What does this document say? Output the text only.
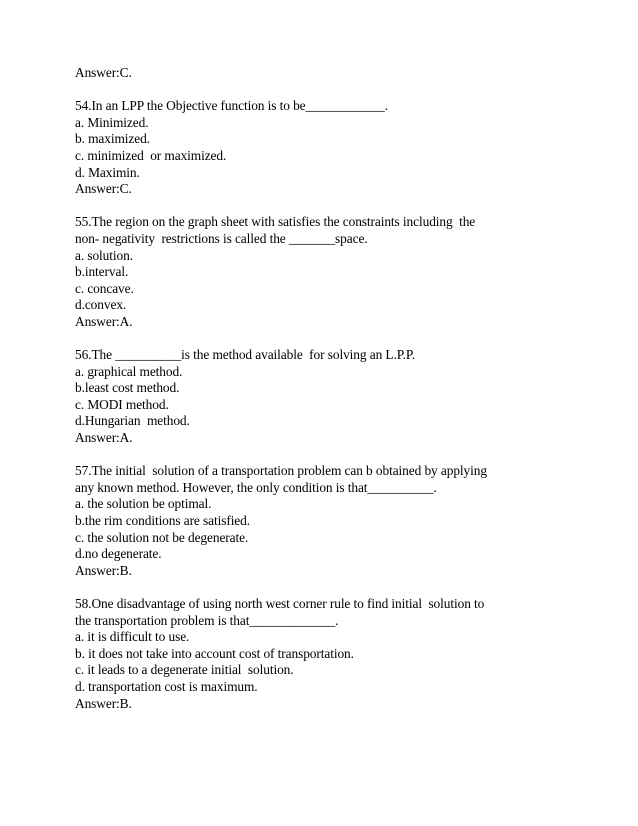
Answer:C.
54.In an LPP the Objective function is to be____________.
a. Minimized.
b. maximized.
c. minimized  or maximized.
d. Maximin.
Answer:C.
55.The region on the graph sheet with satisfies the constraints including  the
non- negativity  restrictions is called the _______space.
a. solution.
b.interval.
c. concave.
d.convex.
Answer:A.
56.The __________is the method available  for solving an L.P.P.
a. graphical method.
b.least cost method.
c. MODI method.
d.Hungarian  method.
Answer:A.
57.The initial  solution of a transportation problem can b obtained by applying
any known method. However, the only condition is that__________.
a. the solution be optimal.
b.the rim conditions are satisfied.
c. the solution not be degenerate.
d.no degenerate.
Answer:B.
58.One disadvantage of using north west corner rule to find initial  solution to
the transportation problem is that_____________.
a. it is difficult to use.
b. it does not take into account cost of transportation.
c. it leads to a degenerate initial  solution.
d. transportation cost is maximum.
Answer:B.
